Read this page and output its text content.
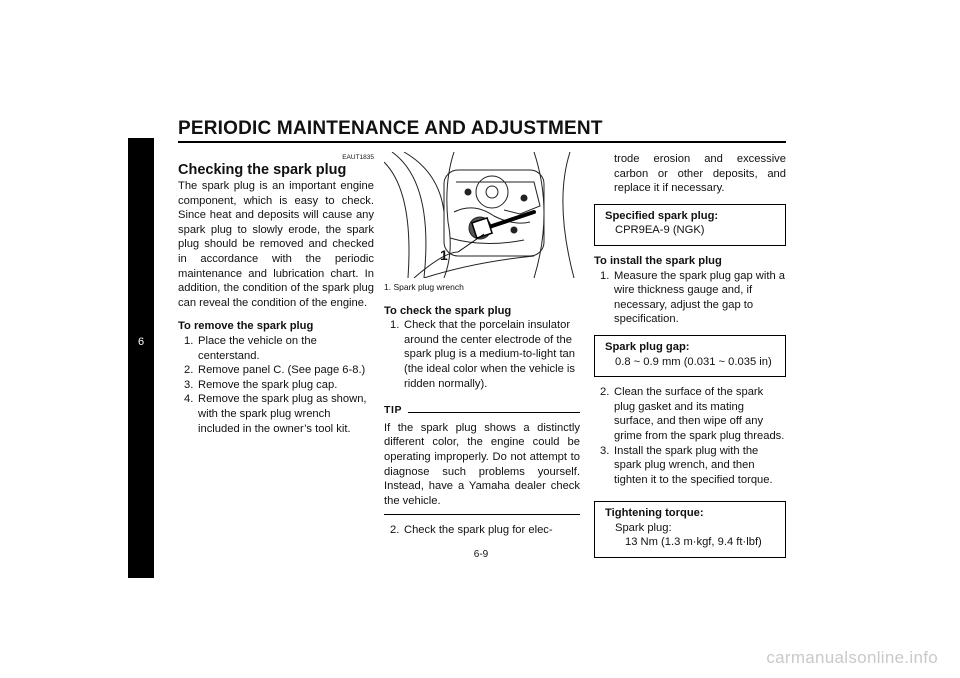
PERIODIC MAINTENANCE AND ADJUSTMENT
6

EAUT1835

Checking the spark plug

The spark plug is an important engine component, which is easy to check. Since heat and deposits will cause any spark plug to slowly erode, the spark plug should be removed and checked in accordance with the periodic maintenance and lubrication chart. In addition, the condition of the spark plug can reveal the condition of the engine.

To remove the spark plug

1. Place the vehicle on the centerstand.
2. Remove panel C. (See page 6-8.)
3. Remove the spark plug cap.
4. Remove the spark plug as shown, with the spark plug wrench included in the owner’s tool kit.
1

1. Spark plug wrench

To check the spark plug

1. Check that the porcelain insulator around the center electrode of the spark plug is a medium-to-light tan (the ideal color when the vehicle is ridden normally).
TIP

If the spark plug shows a distinctly different color, the engine could be operating improperly. Do not attempt to diagnose such problems yourself. Instead, have a Yamaha dealer check the vehicle.

2. Check the spark plug for elec-

trode erosion and excessive carbon or other deposits, and replace it if necessary.

Specified spark plug:
CPR9EA-9 (NGK)

To install the spark plug

1. Measure the spark plug gap with a wire thickness gauge and, if necessary, adjust the gap to specification.
Spark plug gap:
0.8 ~ 0.9 mm (0.031 ~ 0.035 in)
2. Clean the surface of the spark plug gasket and its mating surface, and then wipe off any grime from the spark plug threads.
3. Install the spark plug with the spark plug wrench, and then tighten it to the specified torque.
Tightening torque:
Spark plug:
13 Nm (1.3 m·kgf, 9.4 ft·lbf)
6-9
carmanualsonline.info
